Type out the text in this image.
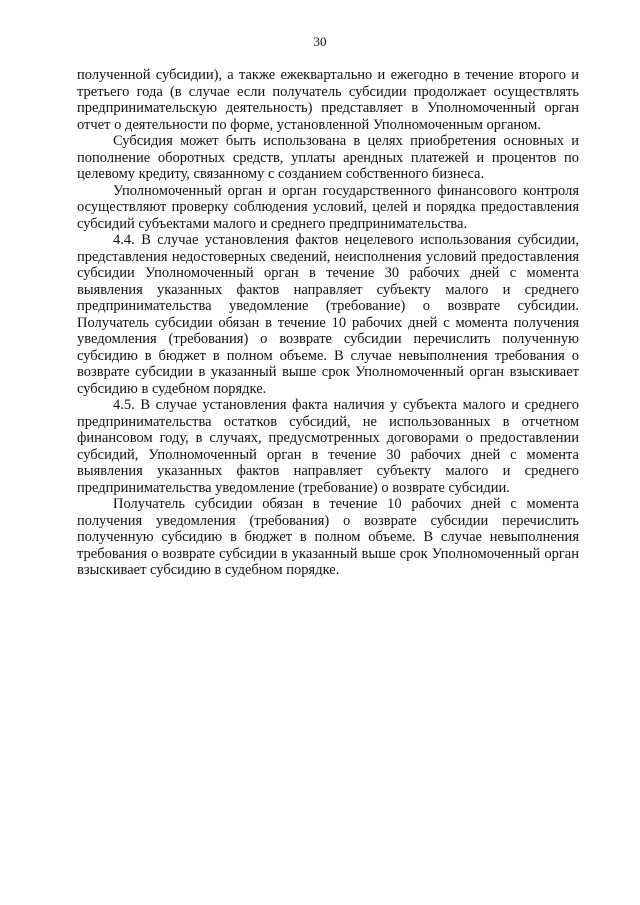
30

полученной субсидии), а также ежеквартально и ежегодно в течение второго и третьего года (в случае если получатель субсидии продолжает осуществлять предпринимательскую деятельность) представляет в Уполномоченный орган отчет о деятельности по форме, установленной Уполномоченным органом.

Субсидия может быть использована в целях приобретения основных и пополнение оборотных средств, уплаты арендных платежей и процентов по целевому кредиту, связанному с созданием собственного бизнеса.

Уполномоченный орган и орган государственного финансового контроля осуществляют проверку соблюдения условий, целей и порядка предоставления субсидий субъектами малого и среднего предпринимательства.

4.4. В случае установления фактов нецелевого использования субсидии, представления недостоверных сведений, неисполнения условий предоставления субсидии Уполномоченный орган в течение 30 рабочих дней с момента выявления указанных фактов направляет субъекту малого и среднего предпринимательства уведомление (требование) о возврате субсидии. Получатель субсидии обязан в течение 10 рабочих дней с момента получения уведомления (требования) о возврате субсидии перечислить полученную субсидию в бюджет в полном объеме. В случае невыполнения требования о возврате субсидии в указанный выше срок Уполномоченный орган взыскивает субсидию в судебном порядке.

4.5. В случае установления факта наличия у субъекта малого и среднего предпринимательства остатков субсидий, не использованных в отчетном финансовом году, в случаях, предусмотренных договорами о предоставлении субсидий, Уполномоченный орган в течение 30 рабочих дней с момента выявления указанных фактов направляет субъекту малого и среднего предпринимательства уведомление (требование) о возврате субсидии.

Получатель субсидии обязан в течение 10 рабочих дней с момента получения уведомления (требования) о возврате субсидии перечислить полученную субсидию в бюджет в полном объеме. В случае невыполнения требования о возврате субсидии в указанный выше срок Уполномоченный орган взыскивает субсидию в судебном порядке.
